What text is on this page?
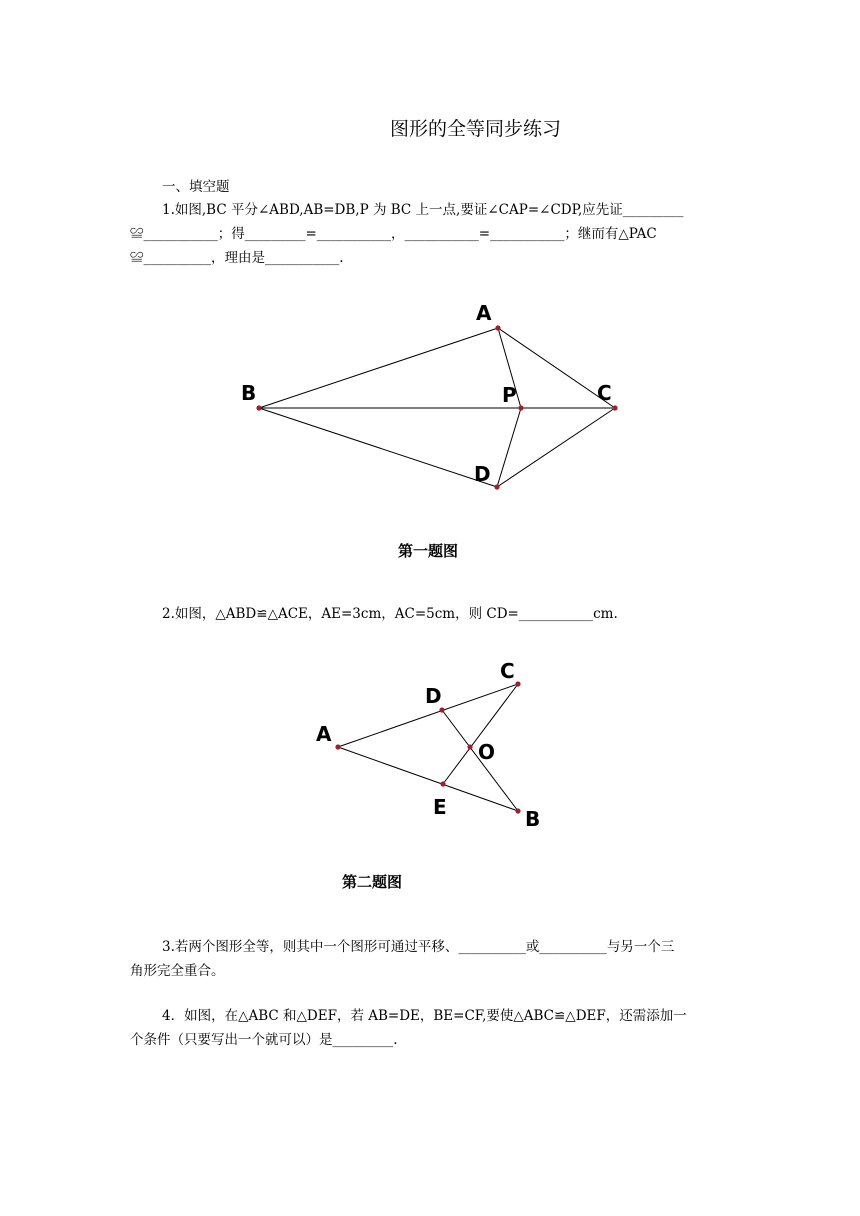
图形的全等同步练习
一、填空题
1.如图,BC 平分∠ABD,AB=DB,P 为 BC 上一点,要证∠CAP=∠CDP,应先证_________
≌___________；得_________=___________，___________=___________；继而有△PAC
≌__________，理由是___________.
A
B	C
D
P
A
C
B
D
E
O
第一题图
2.如图，△ABD≌△ACE，AE=3cm，AC=5cm，则 CD=___________cm.
第二题图
3.若两个图形全等，则其中一个图形可通过平移、__________或__________与另一个三
角形完全重合。
4．如图，在△ABC 和△DEF，若 AB=DE，BE=CF,要使△ABC≌△DEF，还需添加一
个条件（只要写出一个就可以）是_________.
